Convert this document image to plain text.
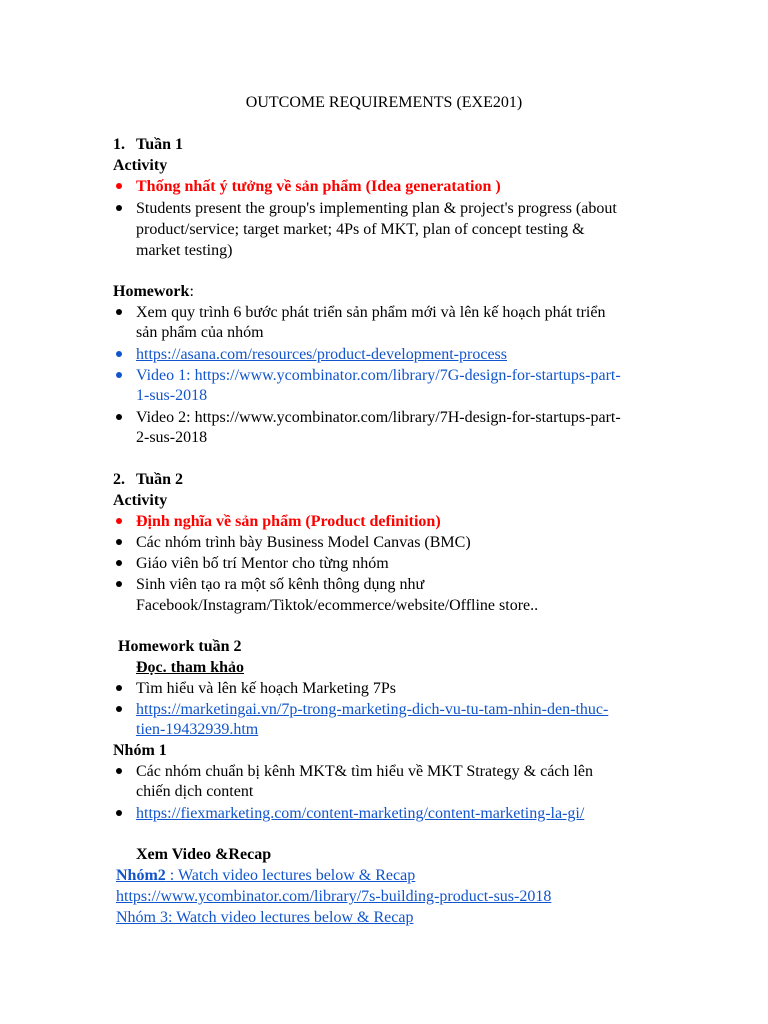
OUTCOME REQUIREMENTS (EXE201)
1. Tuần 1
Activity
Thống nhất ý tưởng về sản phẩm (Idea generatation )
Students present the group's implementing plan & project's progress (about
product/service; target market; 4Ps of MKT, plan of concept testing &
market testing)
Homework:
Xem quy trình 6 bước phát triển sản phẩm mới và lên kế hoạch phát triển
sản phẩm của nhóm
https://asana.com/resources/product-development-process
Video 1: https://www.ycombinator.com/library/7G-design-for-startups-part-
1-sus-2018
Video 2: https://www.ycombinator.com/library/7H-design-for-startups-part-
2-sus-2018
2. Tuần 2
Activity
Định nghĩa về sản phẩm (Product definition)
Các nhóm trình bày Business Model Canvas (BMC)
Giáo viên bố trí Mentor cho từng nhóm
Sinh viên tạo ra một số kênh thông dụng như
Facebook/Instagram/Tiktok/ecommerce/website/Offline store..
Homework tuần 2
Đọc. tham khảo
Tìm hiểu và lên kế hoạch Marketing 7Ps
https://marketingai.vn/7p-trong-marketing-dich-vu-tu-tam-nhin-den-thuc-
tien-19432939.htm
Nhóm 1
Các nhóm chuẩn bị kênh MKT& tìm hiểu về MKT Strategy & cách lên
chiến dịch content
https://fiexmarketing.com/content-marketing/content-marketing-la-gi/
Xem Video &Recap
Nhóm2 : Watch video lectures below & Recap
https://www.ycombinator.com/library/7s-building-product-sus-2018
Nhóm 3: Watch video lectures below & Recap
